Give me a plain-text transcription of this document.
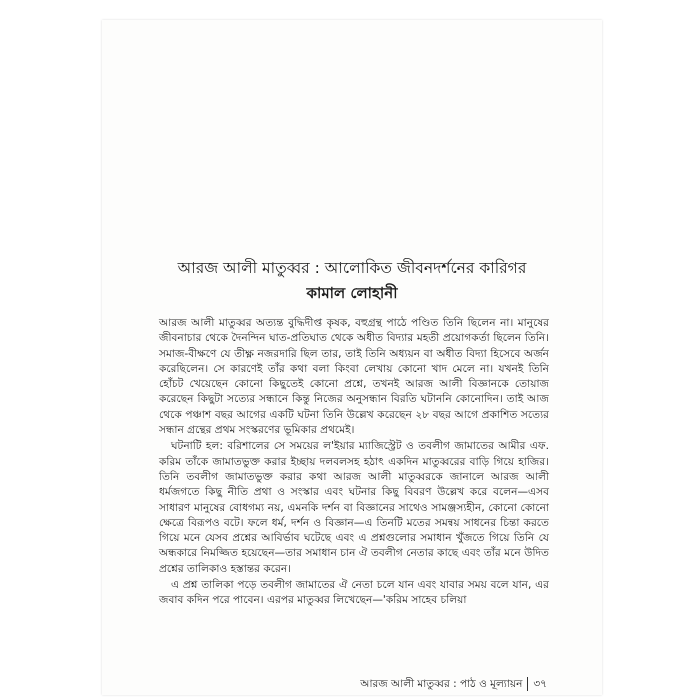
আরজ আলী মাতুব্বর : আলোকিত জীবনদর্শনের কারিগর
কামাল লোহানী

আরজ আলী মাতুব্বর অত্যন্ত বুদ্ধিদীপ্ত কৃষক, বহুগ্রন্থ পাঠে পণ্ডিত তিনি ছিলেন না। মানুষের জীবনাচার থেকে দৈনন্দিন ঘাত-প্রতিঘাত থেকে অধীত বিদ্যার মহতী প্রয়োগকর্তা ছিলেন তিনি। সমাজ-বীক্ষণে যে তীক্ষ্ণ নজরদারি ছিল তার, তাই তিনি অধ্যয়ন বা অধীত বিদ্যা হিসেবে অর্জন করেছিলেন। সে কারণেই তাঁর কথা বলা কিংবা লেখায় কোনো খাদ মেলে না। যখনই তিনি হোঁচট খেয়েছেন কোনো কিছুতেই কোনো প্রশ্নে, তখনই আরজ আলী বিজ্ঞানকে তোয়াজ করেছেন কিছুটা সত্যের সন্ধানে কিন্তু নিজের অনুসন্ধান বিরতি ঘটাননি কোনোদিন। তাই আজ থেকে পঞ্চাশ বছর আগের একটি ঘটনা তিনি উল্লেখ করেছেন ২৮ বছর আগে প্রকাশিত সত্যের সন্ধান গ্রন্থের প্রথম সংস্করণের ভূমিকার প্রথমেই।

ঘটনাটি হল: বরিশালের সে সময়ের ল'ইয়ার ম্যাজিস্ট্রেট ও তবলীগ জামাতের আমীর এফ. করিম তাঁকে জামাতভুক্ত করার ইচ্ছায় দলবলসহ হঠাৎ একদিন মাতুব্বরের বাড়ি গিয়ে হাজির। তিনি তবলীগ জামাতভুক্ত করার কথা আরজ আলী মাতুব্বরকে জানালে আরজ আলী ধর্মজগতে কিছু নীতি প্রথা ও সংস্কার এবং ঘটনার কিছু বিবরণ উল্লেখ করে বলেন—এসব সাধারণ মানুষের বোধগম্য নয়, এমনকি দর্শন বা বিজ্ঞানের সাথেও সামঞ্জস্যহীন, কোনো কোনো ক্ষেত্রে বিরূপও বটে। ফলে ধর্ম, দর্শন ও বিজ্ঞান—এ তিনটি মতের সমন্বয় সাধনের চিন্তা করতে গিয়ে মনে যেসব প্রশ্নের আবির্ভাব ঘটেছে এবং এ প্রশ্নগুলোর সমাধান খুঁজতে গিয়ে তিনি যে অন্ধকারে নিমজ্জিত হয়েছেন—তার সমাধান চান ঐ তবলীগ নেতার কাছে এবং তাঁর মনে উদিত প্রশ্নের তালিকাও হস্তান্তর করেন।

এ প্রশ্ন তালিকা পড়ে তবলীগ জামাতের ঐ নেতা চলে যান এবং যাবার সময় বলে যান, এর জবাব কদিন পরে পাবেন। এরপর মাতুব্বর লিখেছেন—'করিম সাহেব চলিয়া

আরজ আলী মাতুব্বর : পাঠ ও মূল্যায়ন ৩৭
